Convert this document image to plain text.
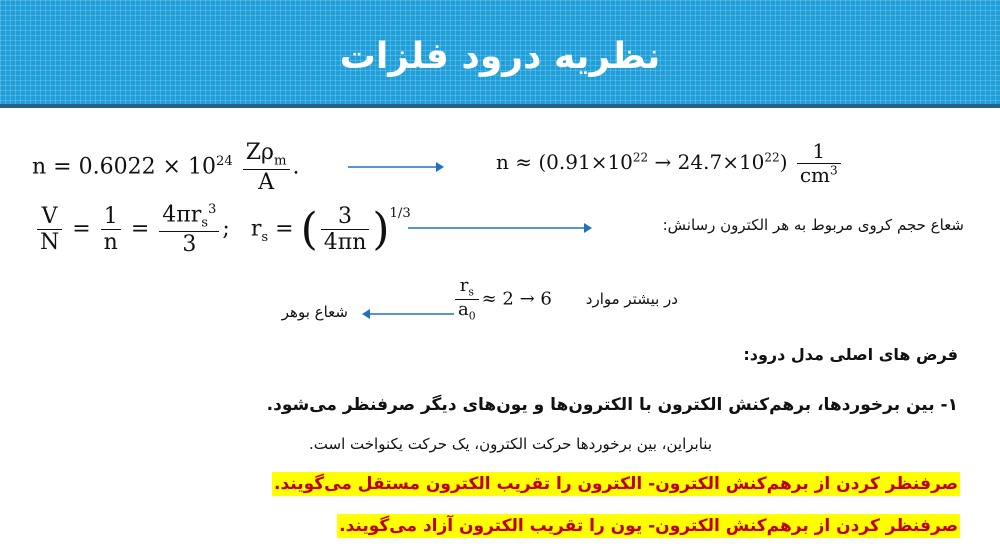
نظریه درود فلزات
$n = 0.6022 \times 10^{24} \frac{Z\rho_m}{A}$ .	$n \approx (0.91\times 10^{22} \to 24.7\times 10^{22}) \frac{1}{cm^3}$
$\frac{V}{N} = \frac{1}{n} = \frac{4\pi r_s^3}{3}$ ;   $r_s$ = ( $\frac{3}{4\pi n} )^{1/3}$
شعاع حجم کروی مربوط به هر الکترون رسانش:
در بیشتر موارد
$\frac{r_s}{a_0} \approx 2 \to 6$
شعاع بوهر
فرض های اصلی مدل درود:
۱- بین برخوردها، برهم‌کنش الکترون با الکترون‌ها و یون‌های دیگر صرفنظر می‌شود.
بنابراین، بین برخوردها حرکت الکترون، یک حرکت یکنواخت است.
صرفنظر کردن از برهم‌کنش الکترون- الکترون را تقریب الکترون مستقل می‌گویند.
صرفنظر کردن از برهم‌کنش الکترون- یون را تقریب الکترون آزاد می‌گویند.
